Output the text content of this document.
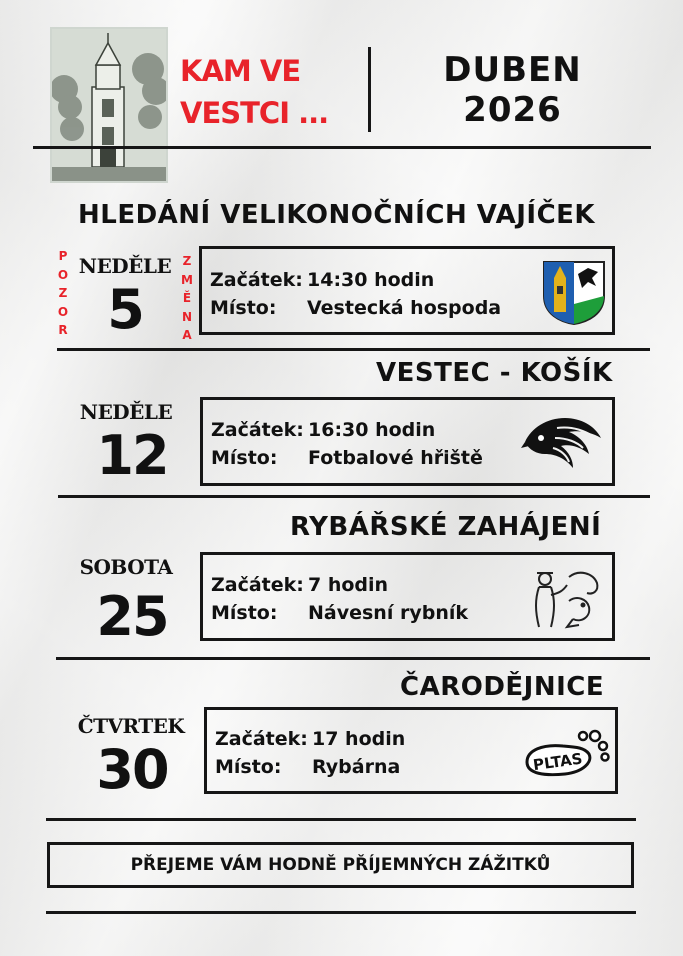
KAM VE
VESTCI ...
DUBEN
2026
HLEDÁNÍ VELIKONOČNÍCH VAJÍČEK
P
O
Z
O
R
Z
M
Ě
N
A
NEDĚLE
5	Začátek: 14:30 hodin
Místo: Vestecká hospoda
VESTEC - KOŠÍK
NEDĚLE
12	Začátek: 16:30 hodin
Místo: Fotbalové hřiště
RYBÁŘSKÉ ZAHÁJENÍ
SOBOTA
25	Začátek: 7 hodin
Místo: Návesní rybník
ČARODĚJNICE
ČTVRTEK
30	Začátek: 17 hodin
Místo: Rybárna	PLTAS
PŘEJEME VÁM HODNĚ PŘÍJEMNÝCH ZÁŽITKŮ
